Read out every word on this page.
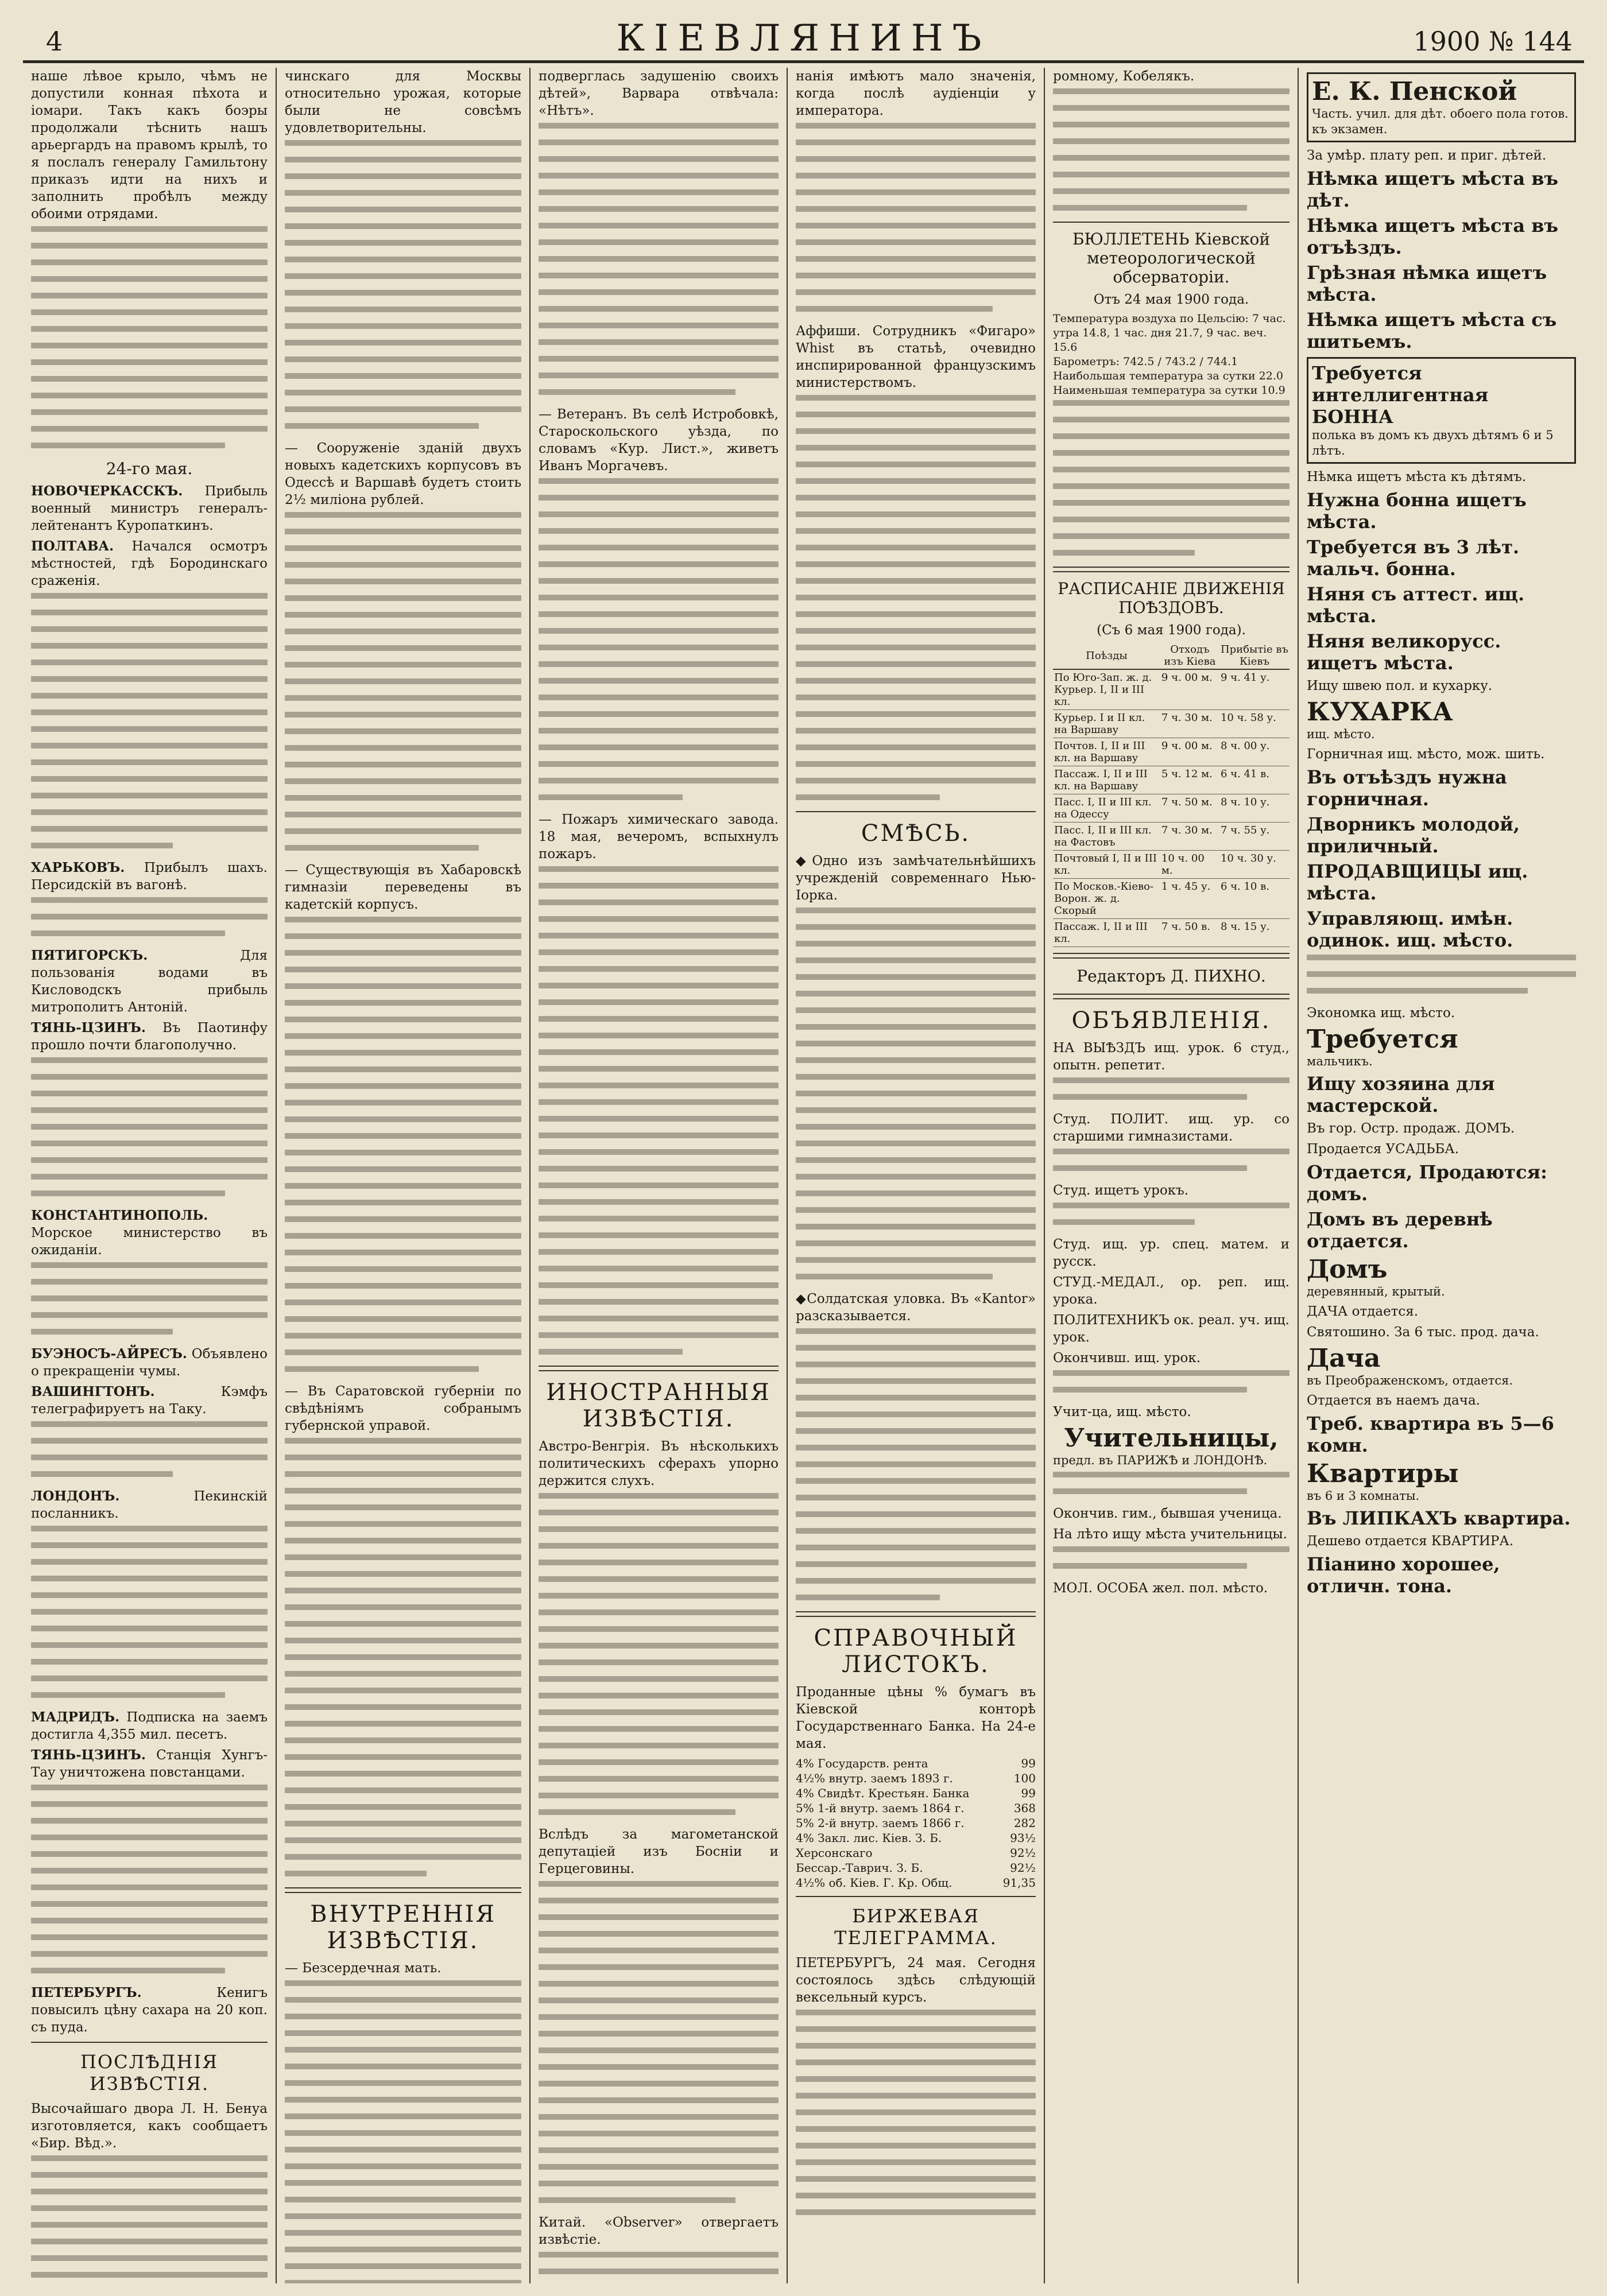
4	КІЕВЛЯНИНЪ	1900 № 144

наше лѣвое крыло, чѣмъ не допустили конная пѣхота и іомари. Такъ какъ боэры продолжали тѣснить нашъ арьергардъ на правомъ крылѣ, то я послалъ генералу Гамильтону приказъ идти на нихъ и заполнить пробѣлъ между обоими отрядами.

24-го мая.

НОВОЧЕРКАССКЪ. Прибыль военный министръ генералъ-лейтенантъ Куропаткинъ.

ПОЛТАВА. Начался осмотръ мѣстностей, гдѣ Бородинскаго сраженія.

ХАРЬКОВЪ. Прибылъ шахъ. Персидскій въ вагонѣ.

ПЯТИГОРСКЪ.	Для пользованія водами въ Кисловодскъ прибыль митрополитъ Антоній.

ТЯНЬ-ЦЗИНЪ. Въ Паотинфу прошло почти благополучно.

КОНСТАНТИНОПОЛЬ. Морское министерство въ ожиданіи.

БУЭНОСЪ-АЙРЕСЪ. Объявлено о прекращеніи чумы.

ВАШИНГТОНЪ.	Кэмфъ телеграфируетъ на Таку.

ЛОНДОНЪ.	Пекинскій посланникъ.

МАДРИДЪ. Подписка на заемъ достигла 4,355 мил. песетъ.

ТЯНЬ-ЦЗИНЪ. Станція Хунгъ-Тау уничтожена повстанцами.

ПЕТЕРБУРГЪ.	Кенигъ повысилъ цѣну сахара на 20 коп. съ пуда.

ПОСЛѢДНІЯ ИЗВѢСТІЯ.

Высочайшаго двора Л. Н. Бенуа изготовляется, какъ сообщаетъ «Бир. Вѣд.».

чинскаго для Москвы относительно урожая, которые были не совсѣмъ удовлетворительны.

— Сооруженіе зданій двухъ новыхъ кадетскихъ корпусовъ въ Одессѣ и Варшавѣ будетъ стоить 2½ миліона рублей.

— Существующія въ Хабаровскѣ гимназіи переведены въ кадетскій корпусъ.

— Въ Саратовской губерніи по свѣдѣніямъ собранымъ губернской управой.

ВНУТРЕННІЯ ИЗВѢСТІЯ.

— Безсердечная мать.

подверглась задушенію своихъ дѣтей», Варвара отвѣчала: «Нѣтъ».

— Ветеранъ. Въ селѣ Истробовкѣ, Староскольского уѣзда, по словамъ «Кур. Лист.», живетъ Иванъ Моргачевъ.

— Пожаръ химическаго завода. 18 мая, вечеромъ, вспыхнулъ пожаръ.

ИНОСТРАННЫЯ ИЗВѢСТІЯ.

Австро-Венгрія. Въ нѣсколькихъ политическихъ сферахъ упорно держится слухъ.

Вслѣдъ за магометанской депутаціей изъ Босніи и Герцеговины.

Китай. «Observer» отвергаетъ извѣстіе.

нанія имѣютъ мало значенія, когда послѣ аудіенціи у императора.

Аффиши. Сотрудникъ «Фигаро» Whist въ статьѣ, очевидно инспирированной французскимъ министерствомъ.

СМѢСЬ.

◆Одно изъ замѣчательнѣйшихъ учрежденій современнаго Нью-Іорка.

◆Солдатская уловка. Въ «Kantor» разсказывается.

СПРАВОЧНЫЙ ЛИСТОКЪ.

Проданные цѣны % бумагъ въ Кіевской конторѣ Государственнаго Банка. На 24-е мая.

4% Государств. рента	99
4½% внутр. заемъ 1893 г.	100
4% Свидѣт. Крестьян. Банка	99
5% 1-й внутр. заемъ 1864 г.	368
5% 2-й внутр. заемъ 1866 г.	282
4% Закл. лис. Кiев. З. Б.	93½
Херсонскаго	92½
Бессар.-Таврич. З. Б.	92½
4½% об. Кiев. Г. Кр. Общ.	91,35
БИРЖЕВАЯ ТЕЛЕГРАММА.

ПЕТЕРБУРГЪ, 24 мая. Сегодня состоялось здѣсь слѣдующій вексельный курсъ.

ромному, Кобелякъ.

БЮЛЛЕТЕНЬ Кіевской метеорологической обсерваторіи.
Отъ 24 мая 1900 года.
Температура воздуха по Цельсію: 7 час. утра 14.8, 1 час. дня 21.7, 9 час. веч. 15.6
Барометръ: 742.5 / 743.2 / 744.1
Наибольшая температура за сутки 22.0
Наименьшая температура за сутки 10.9
РАСПИСАНІЕ ДВИЖЕНІЯ ПОѢЗДОВЪ.
(Съ 6 мая 1900 года).
Поѣзды	Отходъ изъ Кіева	Прибытіе въ Кіевъ
По Юго-Зап. ж. д. Курьер. I, II и III кл.	9 ч. 00 м.	9 ч. 41 у.
Курьер. I и II кл. на Варшаву	7 ч. 30 м.	10 ч. 58 у.
Почтов. I, II и III кл. на Варшаву	9 ч. 00 м.	8 ч. 00 у.
Пассаж. I, II и III кл. на Варшаву	5 ч. 12 м.	6 ч. 41 в.
Пасс. I, II и III кл. на Одессу	7 ч. 50 м.	8 ч. 10 у.
Пасс. I, II и III кл. на Фастовъ	7 ч. 30 м.	7 ч. 55 у.
Почтовый I, II и III кл.	10 ч. 00 м.	10 ч. 30 у.
По Москов.-Кіево-Ворон. ж. д. Скорый	1 ч. 45 у.	6 ч. 10 в.
Пассаж. I, II и III кл.	7 ч. 50 в.	8 ч. 15 у.
Редакторъ Д. ПИХНО.
ОБЪЯВЛЕНІЯ.

НА ВЫѢЗДЪ ищ. урок. 6 студ., опытн. репетит.

Студ. ПОЛИТ. ищ. ур. со старшими гимназистами.

Студ. ищетъ урокъ.

Студ. ищ. ур. спец. матем. и русск.

СТУД.-МЕДАЛ., ор. реп. ищ. урока.

ПОЛИТЕХНИКЪ ок. реал. уч. ищ. урок.

Окончивш. ищ. урок.

Учит-ца, ищ. мѣсто.

Учительницы,
предл. въ ПАРИЖѢ и ЛОНДОНѢ.

Окончив. гим., бывшая ученица.

На лѣто ищу мѣста учительницы.

МОЛ. ОСОБА жел. пол. мѣсто.

Е. К. Пенской
Часть. учил. для дѣт. обоего пола готов. къ экзамен.

За умѣр. плату реп. и приг. дѣтей.

Нѣмка ищетъ мѣста въ дѣт.
Нѣмка ищетъ мѣста въ отъѣздъ.
Грѣзная нѣмка ищетъ мѣста.
Нѣмка ищетъ мѣста съ шитьемъ.
Требуется интеллигентная БОННА
полька въ домъ къ двухъ дѣтямъ 6 и 5 лѣтъ.

Нѣмка ищетъ мѣста къ дѣтямъ.

Нужна бонна ищетъ мѣста.
Требуется въ 3 лѣт. мальч. бонна.
Няня съ аттест. ищ. мѣста.
Няня великорусс. ищетъ мѣста.

Ищу швею пол. и кухарку.

КУХАРКА
ищ. мѣсто.

Горничная ищ. мѣсто, мож. шить.

Въ отъѣздъ нужна горничная.
Дворникъ молодой, приличный.
ПРОДАВЩИЦЫ ищ. мѣста.
Управляющ. имѣн. одинок. ищ. мѣсто.

Экономка ищ. мѣсто.

Требуется
мальчикъ.
Ищу хозяина для мастерской.

Въ гор. Остр. продаж. ДОМЪ.

Продается УСАДЬБА.

Отдается, Продаются: домъ.
Домъ въ деревнѣ отдается.
Домъ
деревянный, крытый.

ДАЧА отдается.

Святошино. За 6 тыс. прод. дача.

Дача
въ Преображенскомъ, отдается.

Отдается въ наемъ дача.

Треб. квартира въ 5—6 комн.
Квартиры
въ 6 и 3 комнаты.
Въ ЛИПКАХЪ квартира.

Дешево отдается КВАРТИРА.

Піанино хорошее, отличн. тона.
